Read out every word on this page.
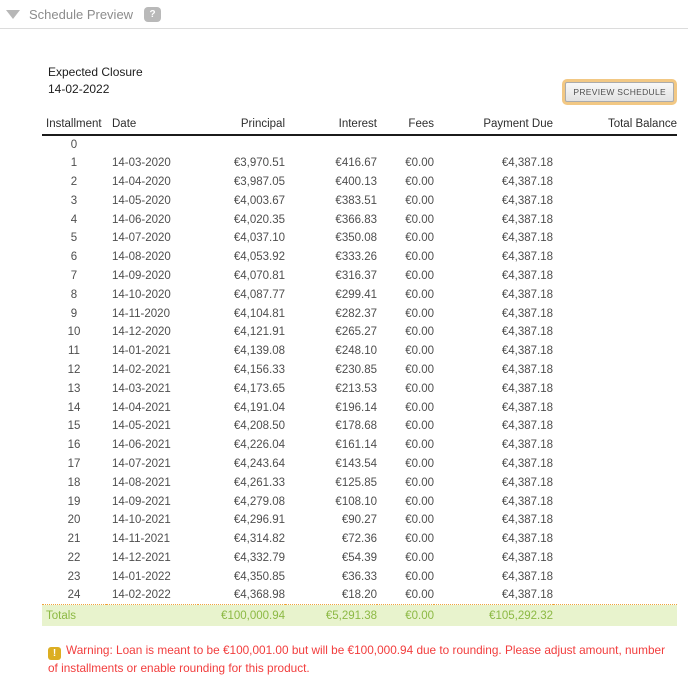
Schedule Preview	?
Expected Closure
14-02-2022	PREVIEW SCHEDULE
Installment	Date	Principal	Interest	Fees	Payment Due	Total Balance
0						
1	14-03-2020	€3,970.51	€416.67	€0.00	€4,387.18	
2	14-04-2020	€3,987.05	€400.13	€0.00	€4,387.18	
3	14-05-2020	€4,003.67	€383.51	€0.00	€4,387.18	
4	14-06-2020	€4,020.35	€366.83	€0.00	€4,387.18	
5	14-07-2020	€4,037.10	€350.08	€0.00	€4,387.18	
6	14-08-2020	€4,053.92	€333.26	€0.00	€4,387.18	
7	14-09-2020	€4,070.81	€316.37	€0.00	€4,387.18	
8	14-10-2020	€4,087.77	€299.41	€0.00	€4,387.18	
9	14-11-2020	€4,104.81	€282.37	€0.00	€4,387.18	
10	14-12-2020	€4,121.91	€265.27	€0.00	€4,387.18	
11	14-01-2021	€4,139.08	€248.10	€0.00	€4,387.18	
12	14-02-2021	€4,156.33	€230.85	€0.00	€4,387.18	
13	14-03-2021	€4,173.65	€213.53	€0.00	€4,387.18	
14	14-04-2021	€4,191.04	€196.14	€0.00	€4,387.18	
15	14-05-2021	€4,208.50	€178.68	€0.00	€4,387.18	
16	14-06-2021	€4,226.04	€161.14	€0.00	€4,387.18	
17	14-07-2021	€4,243.64	€143.54	€0.00	€4,387.18	
18	14-08-2021	€4,261.33	€125.85	€0.00	€4,387.18	
19	14-09-2021	€4,279.08	€108.10	€0.00	€4,387.18	
20	14-10-2021	€4,296.91	€90.27	€0.00	€4,387.18	
21	14-11-2021	€4,314.82	€72.36	€0.00	€4,387.18	
22	14-12-2021	€4,332.79	€54.39	€0.00	€4,387.18	
23	14-01-2022	€4,350.85	€36.33	€0.00	€4,387.18	
24	14-02-2022	€4,368.98	€18.20	€0.00	€4,387.18	
Totals		€100,000.94	€5,291.38	€0.00	€105,292.32	
! Warning: Loan is meant to be €100,001.00 but will be €100,000.94 due to rounding. Please adjust amount, number of installments or enable rounding for this product.
